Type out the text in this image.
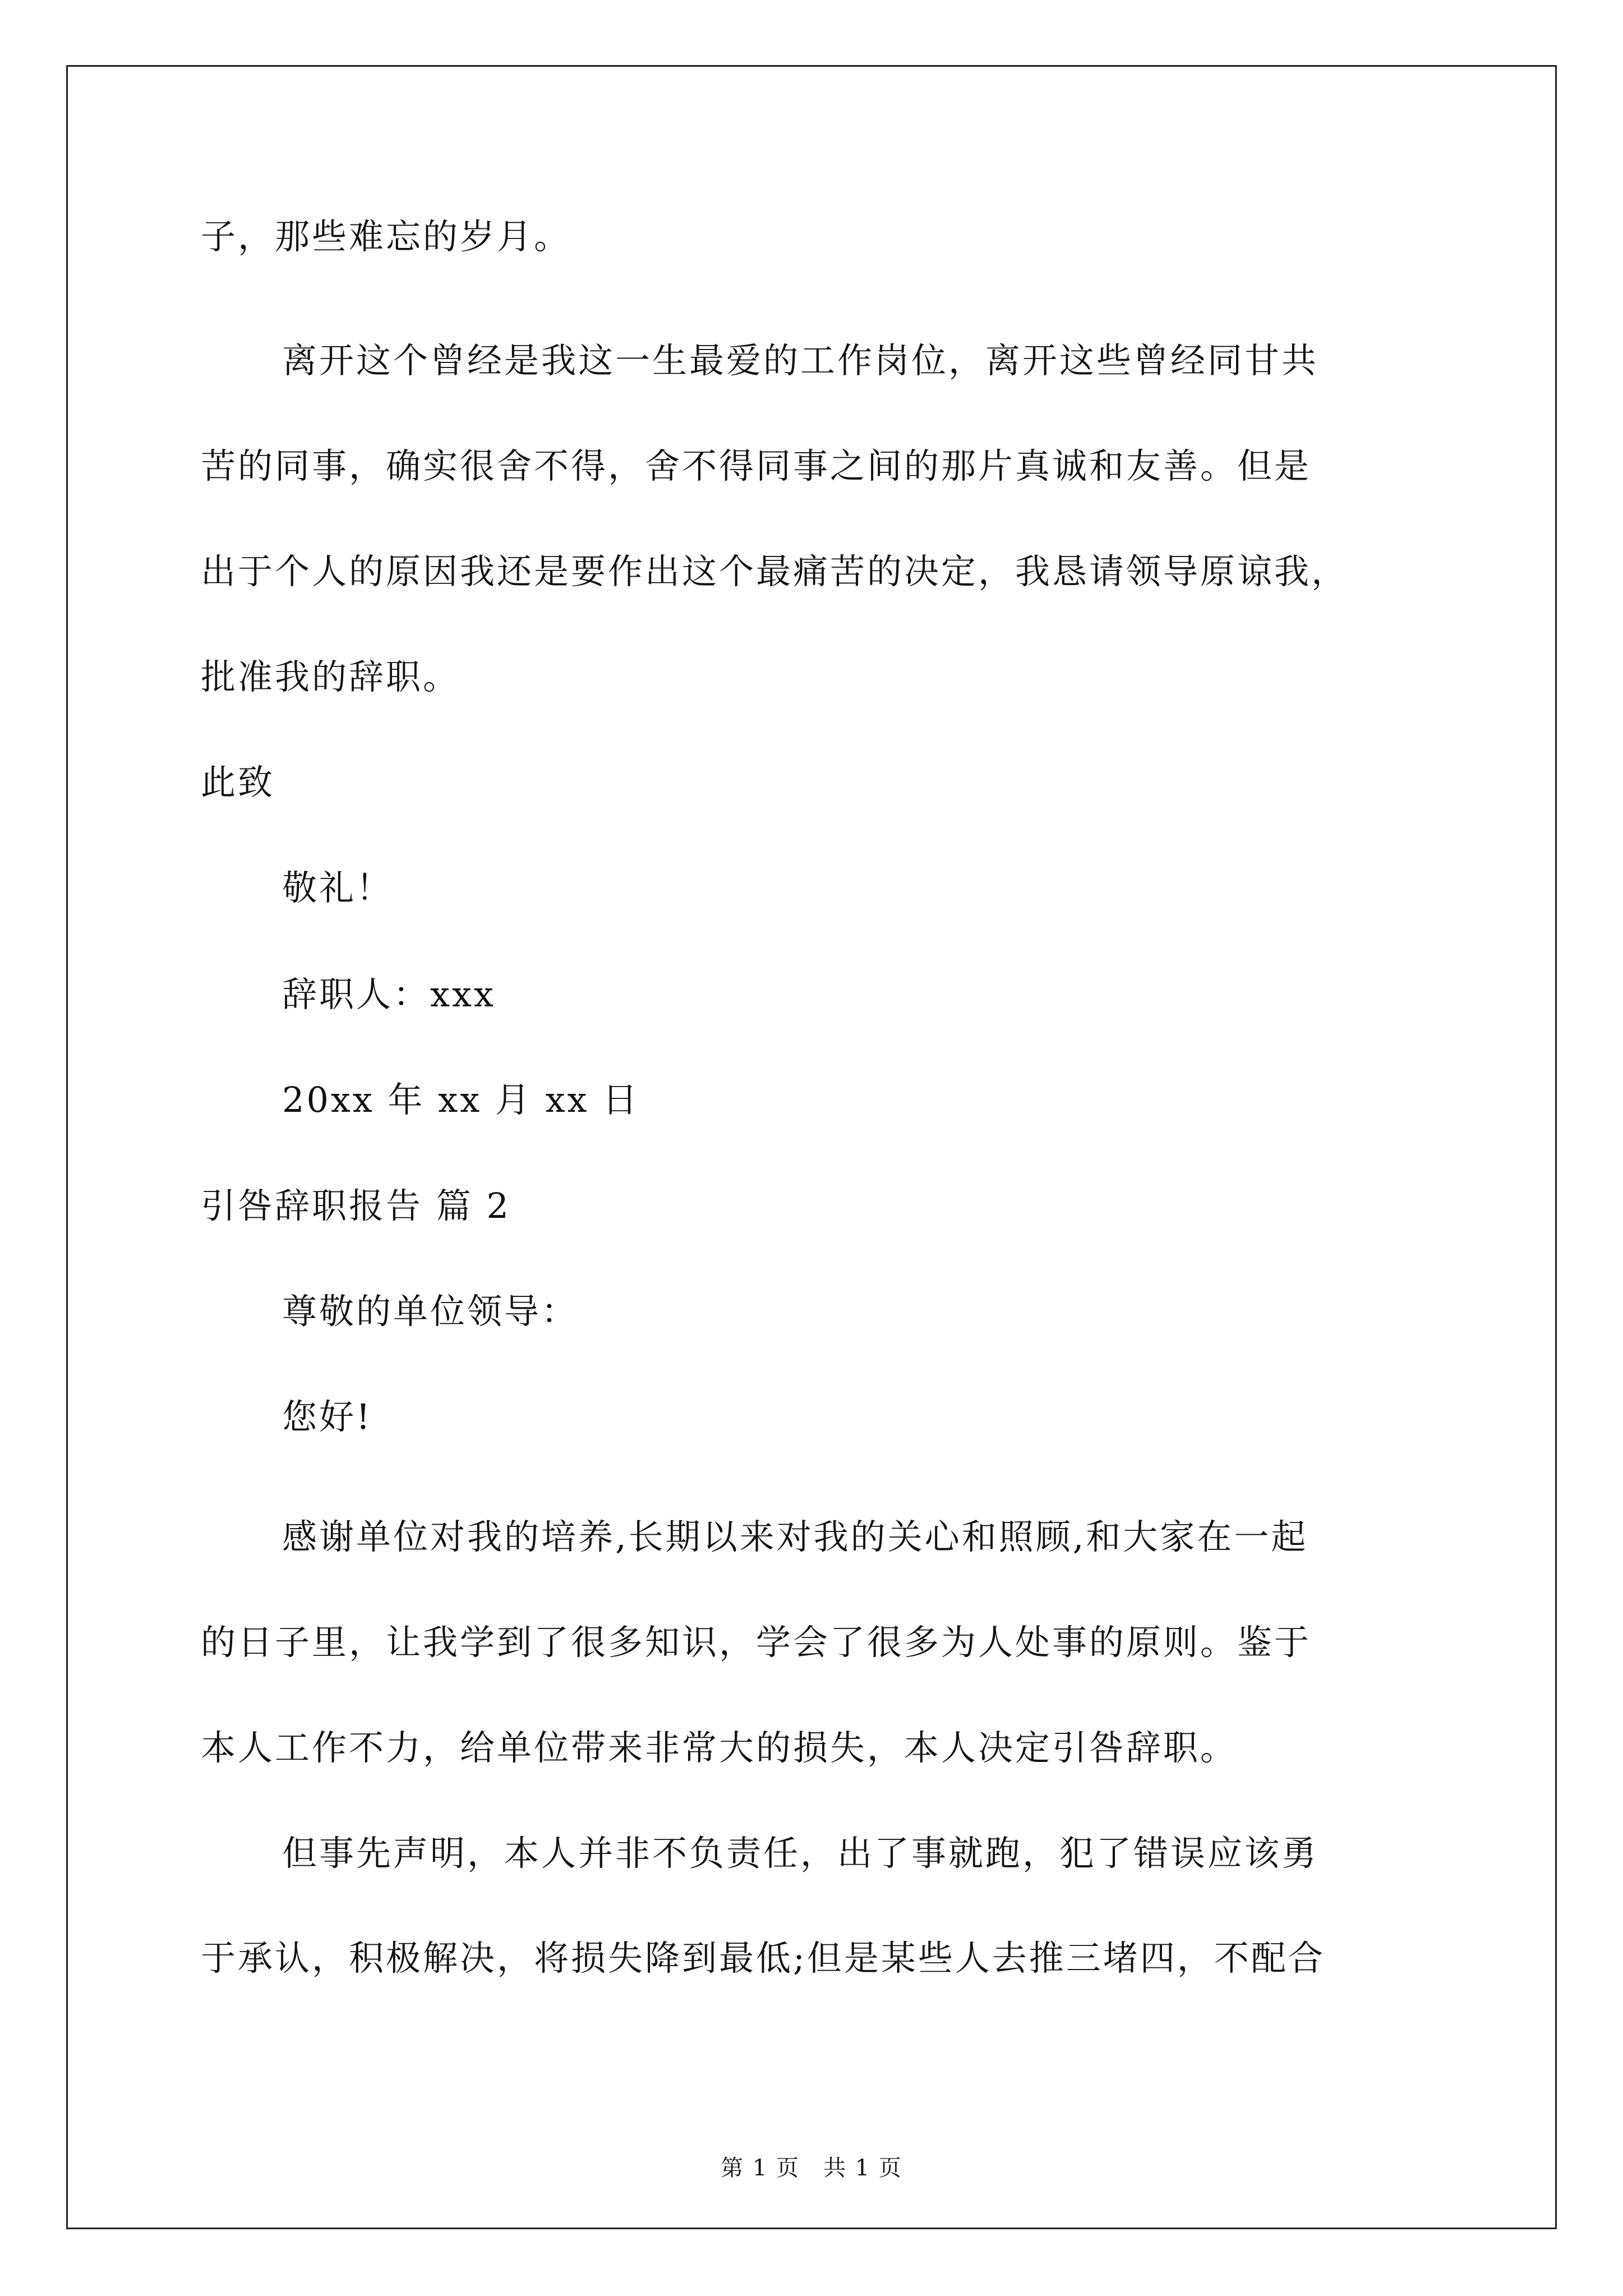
子，那些难忘的岁月。
离开这个曾经是我这一生最爱的工作岗位，离开这些曾经同甘共
苦的同事，确实很舍不得，舍不得同事之间的那片真诚和友善。但是
出于个人的原因我还是要作出这个最痛苦的决定，我恳请领导原谅我，
批准我的辞职。
此致
敬礼！
辞职人：xxx
20xx 年 xx 月 xx 日
引咎辞职报告 篇 2
尊敬的单位领导：
您好!
感谢单位对我的培养,长期以来对我的关心和照顾,和大家在一起
的日子里，让我学到了很多知识，学会了很多为人处事的原则。鉴于
本人工作不力，给单位带来非常大的损失，本人决定引咎辞职。
但事先声明，本人并非不负责任，出了事就跑，犯了错误应该勇
于承认，积极解决，将损失降到最低;但是某些人去推三堵四，不配合
第 1 页　共 1 页
